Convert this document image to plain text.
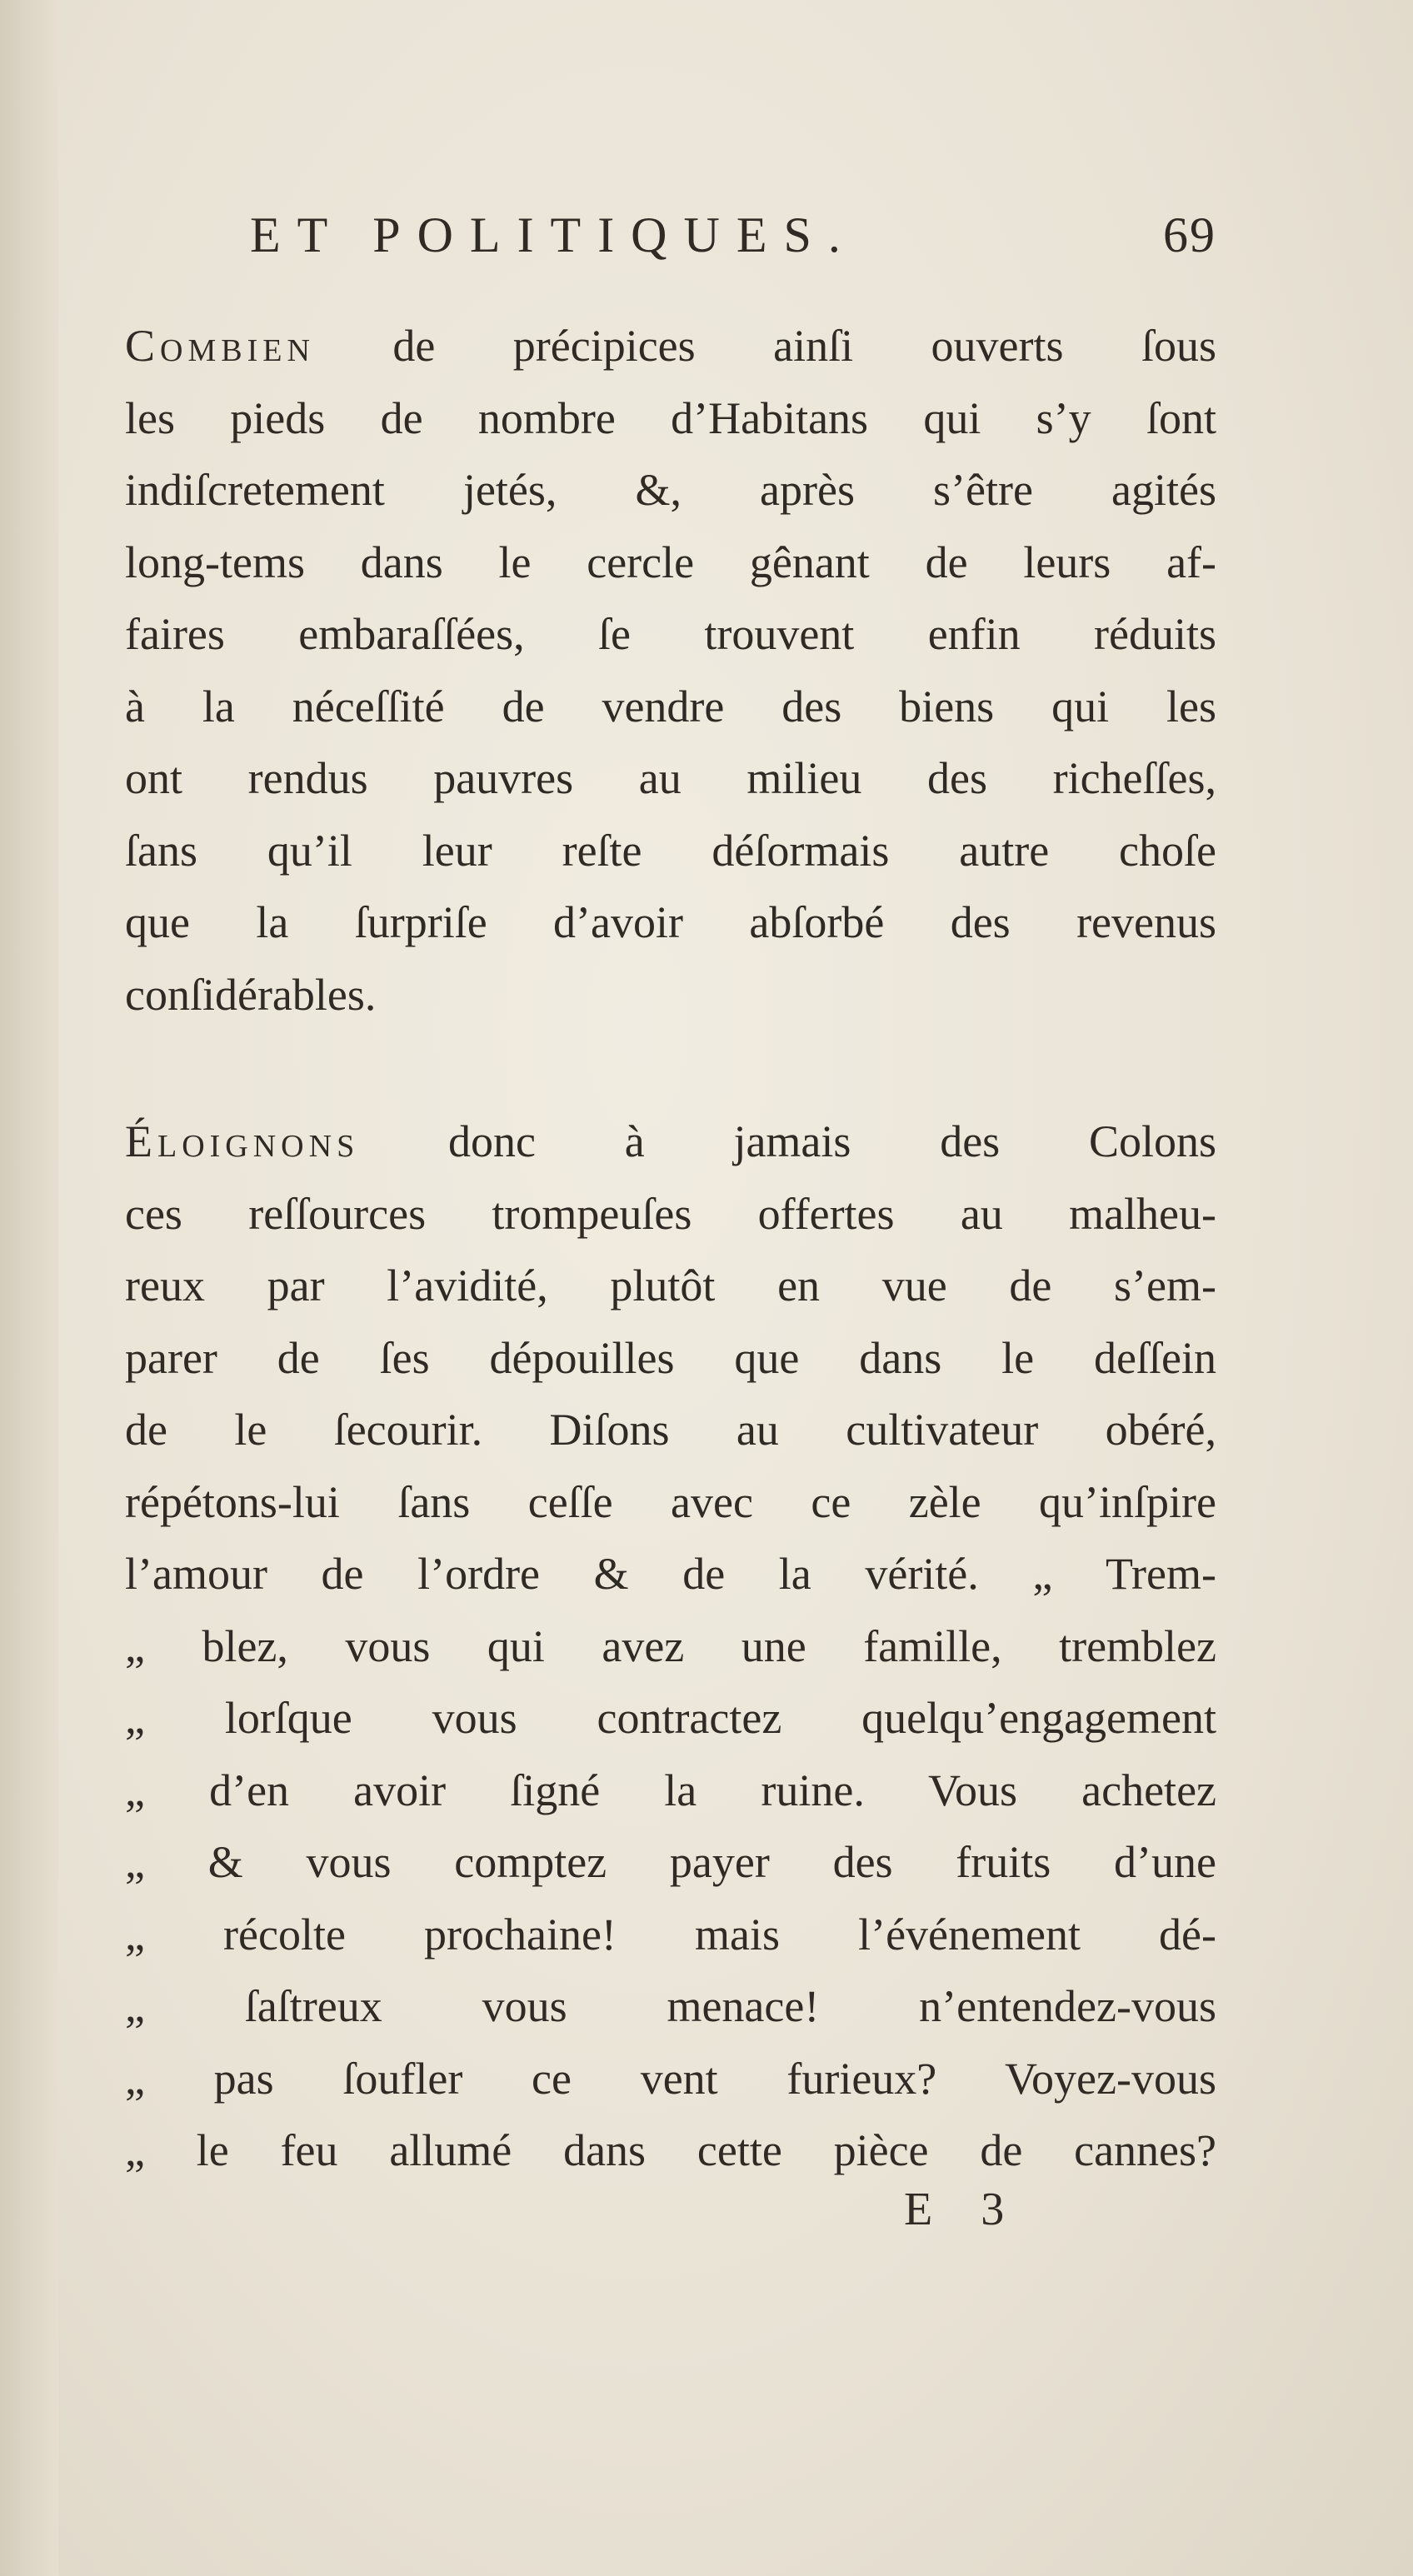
ET POLITIQUES.	69
Combien de précipices ainſi ouverts ſous
les pieds de nombre d’Habitans qui s’y ſont
indiſcretement jetés, &, après s’être agités
long-tems dans le cercle gênant de leurs af-
faires embaraſſées, ſe trouvent enfin réduits
à la néceſſité de vendre des biens qui les
ont rendus pauvres au milieu des richeſſes,
ſans qu’il leur reſte déſormais autre choſe
que la ſurpriſe d’avoir abſorbé des revenus
conſidérables.
Éloignons donc à jamais des Colons
ces reſſources trompeuſes offertes au malheu-
reux par l’avidité, plutôt en vue de s’em-
parer de ſes dépouilles que dans le deſſein
de le ſecourir. Diſons au cultivateur obéré,
répétons-lui ſans ceſſe avec ce zèle qu’inſpire
l’amour de l’ordre & de la vérité. „ Trem-
„ blez, vous qui avez une famille, tremblez
„ lorſque vous contractez quelqu’engagement
„ d’en avoir ſigné la ruine. Vous achetez
„ & vous comptez payer des fruits d’une
„ récolte prochaine! mais l’événement dé-
„ ſaſtreux vous menace! n’entendez-vous
„ pas ſoufler ce vent furieux? Voyez-vous
„ le feu allumé dans cette pièce de cannes?
E 3
